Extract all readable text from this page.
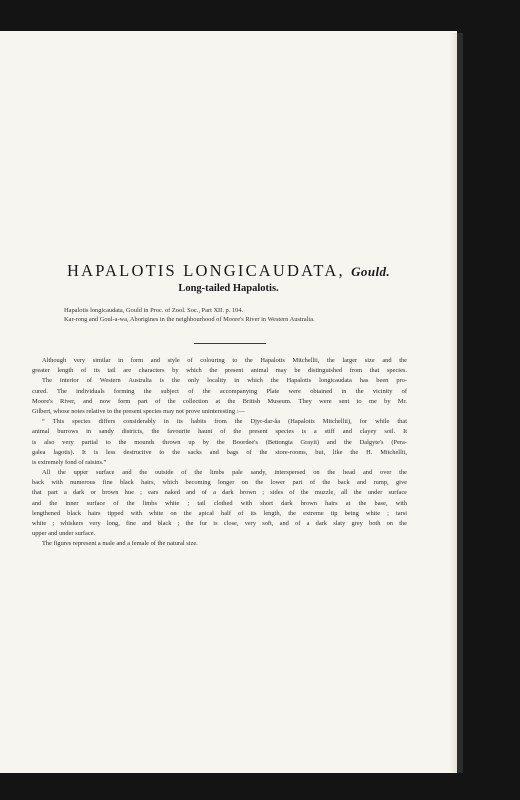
HAPALOTIS LONGICAUDATA, Gould.
Long-tailed Hapalotis.
Hapalotis longicaudata, Gould in Proc. of Zool. Soc., Part XII. p. 104.
Kar-rong and Goul-a-wa, Aborigines in the neighbourhood of Moore's River in Western Australia.
Although very similar in form and style of colouring to the Hapalotis Mitchellii, the larger size and the
greater length of its tail are characters by which the present animal may be distinguished from that species.
The interior of Western Australia is the only locality in which the Hapalotis longicaudata has been pro-
cured. The individuals forming the subject of the accompanying Plate were obtained in the vicinity of
Moore's River, and now form part of the collection at the British Museum. They were sent to me by Mr.
Gilbert, whose notes relative to the present species may not prove uninteresting :—
“ This species differs considerably in its habits from the Djyr-dar-ăa (Hapalotis Mitchellii), for while that
animal burrows in sandy districts, the favourite haunt of the present species is a stiff and clayey soil. It
is also very partial to the mounds thrown up by the Boordee's (Bettongia Grayii) and the Dalgyte's (Pera-
galea lagotis). It is less destructive to the sacks and bags of the store-rooms, but, like the H. Mitchellii,
is extremely fond of raisins.”
All the upper surface and the outside of the limbs pale sandy, interspersed on the head and over the
back with numerous fine black hairs, which becoming longer on the lower part of the back and rump, give
that part a dark or brown hue ; ears naked and of a dark brown ; sides of the muzzle, all the under surface
and the inner surface of the limbs white ; tail clothed with short dark brown hairs at the base, with
lengthened black hairs tipped with white on the apical half of its length, the extreme tip being white ; tarsi
white ; whiskers very long, fine and black ; the fur is close, very soft, and of a dark slaty grey both on the
upper and under surface.
The figures represent a male and a female of the natural size.
